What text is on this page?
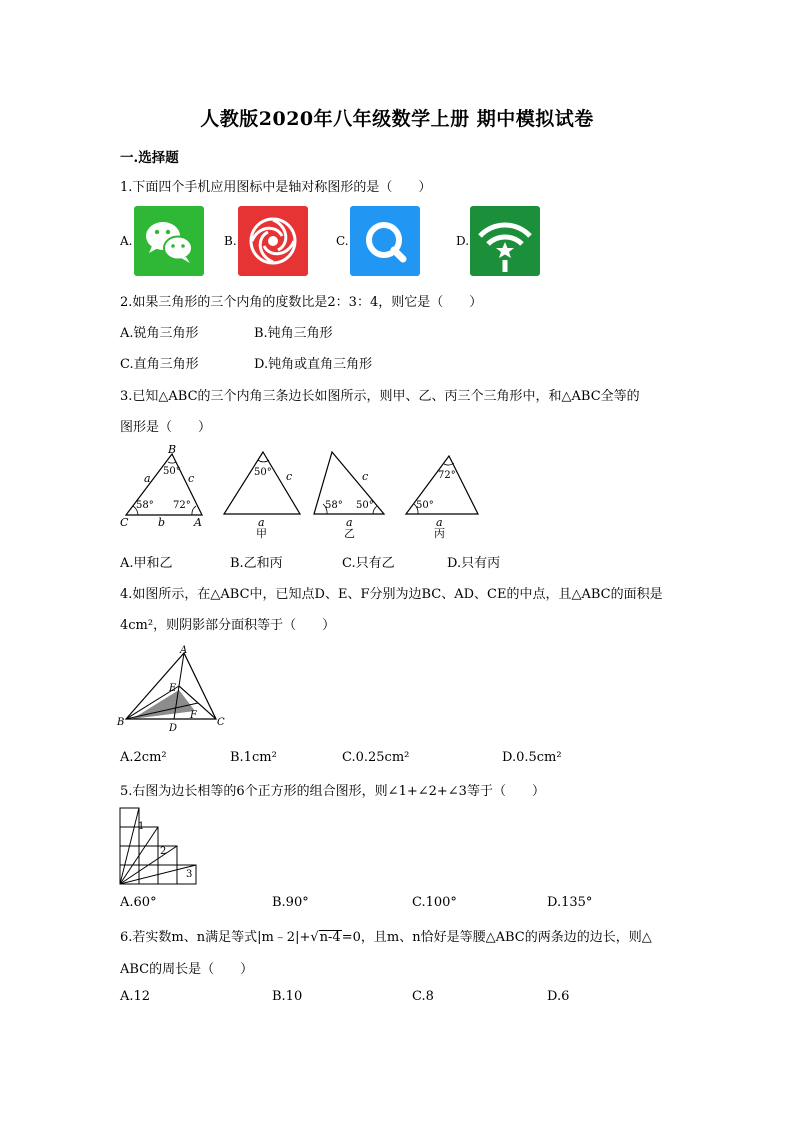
人教版2020年八年级数学上册 期中模拟试卷
一.选择题
1.下面四个手机应用图标中是轴对称图形的是（　　）
A.	B.	C.	D.
2.如果三角形的三个内角的度数比是2：3：4，则它是（　　）
A.锐角三角形	B.钝角三角形
C.直角三角形	D.钝角或直角三角形
3.已知△ABC的三个内角三条边长如图所示，则甲、乙、丙三个三角形中，和△ABC全等的
图形是（　　）
B
C	A
a	c
b
50°
58° 72°
50° c
a
甲
c
58° 50°
a
乙
72°
50°
a
丙
A.甲和乙	B.乙和丙	C.只有乙	D.只有丙
4.如图所示，在△ABC中，已知点D、E、F分别为边BC、AD、CE的中点，且△ABC的面积是
4cm²，则阴影部分面积等于（　　）
A
B	C
D
E
F
A.2cm²	B.1cm²	C.0.25cm²	D.0.5cm²
5.右图为边长相等的6个正方形的组合图形，则∠1+∠2+∠3等于（　　）
1
2
3
A.60°	B.90°	C.100°	D.135°
6.若实数m、n满足等式|m﹣2|+√n-4=0，且m、n恰好是等腰△ABC的两条边的边长，则△
ABC的周长是（　　）
A.12	B.10	C.8	D.6
